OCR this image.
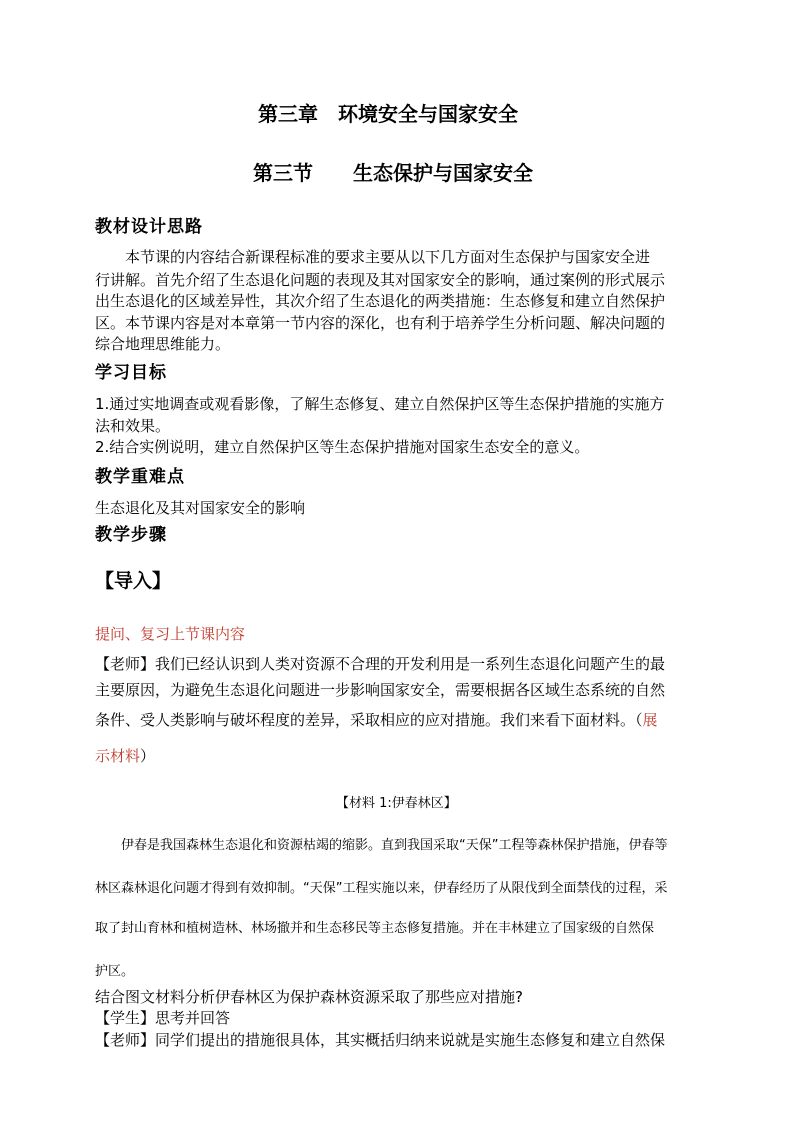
第三章　环境安全与国家安全
第三节　　生态保护与国家安全
教材设计思路
　　本节课的内容结合新课程标准的要求主要从以下几方面对生态保护与国家安全进
行讲解。首先介绍了生态退化问题的表现及其对国家安全的影响，通过案例的形式展示
出生态退化的区域差异性，其次介绍了生态退化的两类措施：生态修复和建立自然保护
区。本节课内容是对本章第一节内容的深化，也有利于培养学生分析问题、解决问题的
综合地理思维能力。
学习目标
1.通过实地调查或观看影像，了解生态修复、建立自然保护区等生态保护措施的实施方
法和效果。
2.结合实例说明，建立自然保护区等生态保护措施对国家生态安全的意义。
教学重难点
生态退化及其对国家安全的影响
教学步骤
【导入】
提问、复习上节课内容
【老师】我们已经认识到人类对资源不合理的开发利用是一系列生态退化问题产生的最
主要原因，为避免生态退化问题进一步影响国家安全，需要根据各区域生态系统的自然
条件、受人类影响与破坏程度的差异，采取相应的应对措施。我们来看下面材料。（展
示材料）
【材料 1:伊春林区】
　　伊春是我国森林生态退化和资源枯竭的缩影。直到我国采取“天保”工程等森林保护措施，伊春等
林区森林退化问题才得到有效抑制。“天保”工程实施以来，伊春经历了从限伐到全面禁伐的过程，采
取了封山育林和植树造林、林场撤并和生态移民等主态修复措施。并在丰林建立了国家级的自然保
护区。
结合图文材料分析伊春林区为保护森林资源采取了那些应对措施?
【学生】思考并回答
【老师】同学们提出的措施很具体，其实概括归纳来说就是实施生态修复和建立自然保
